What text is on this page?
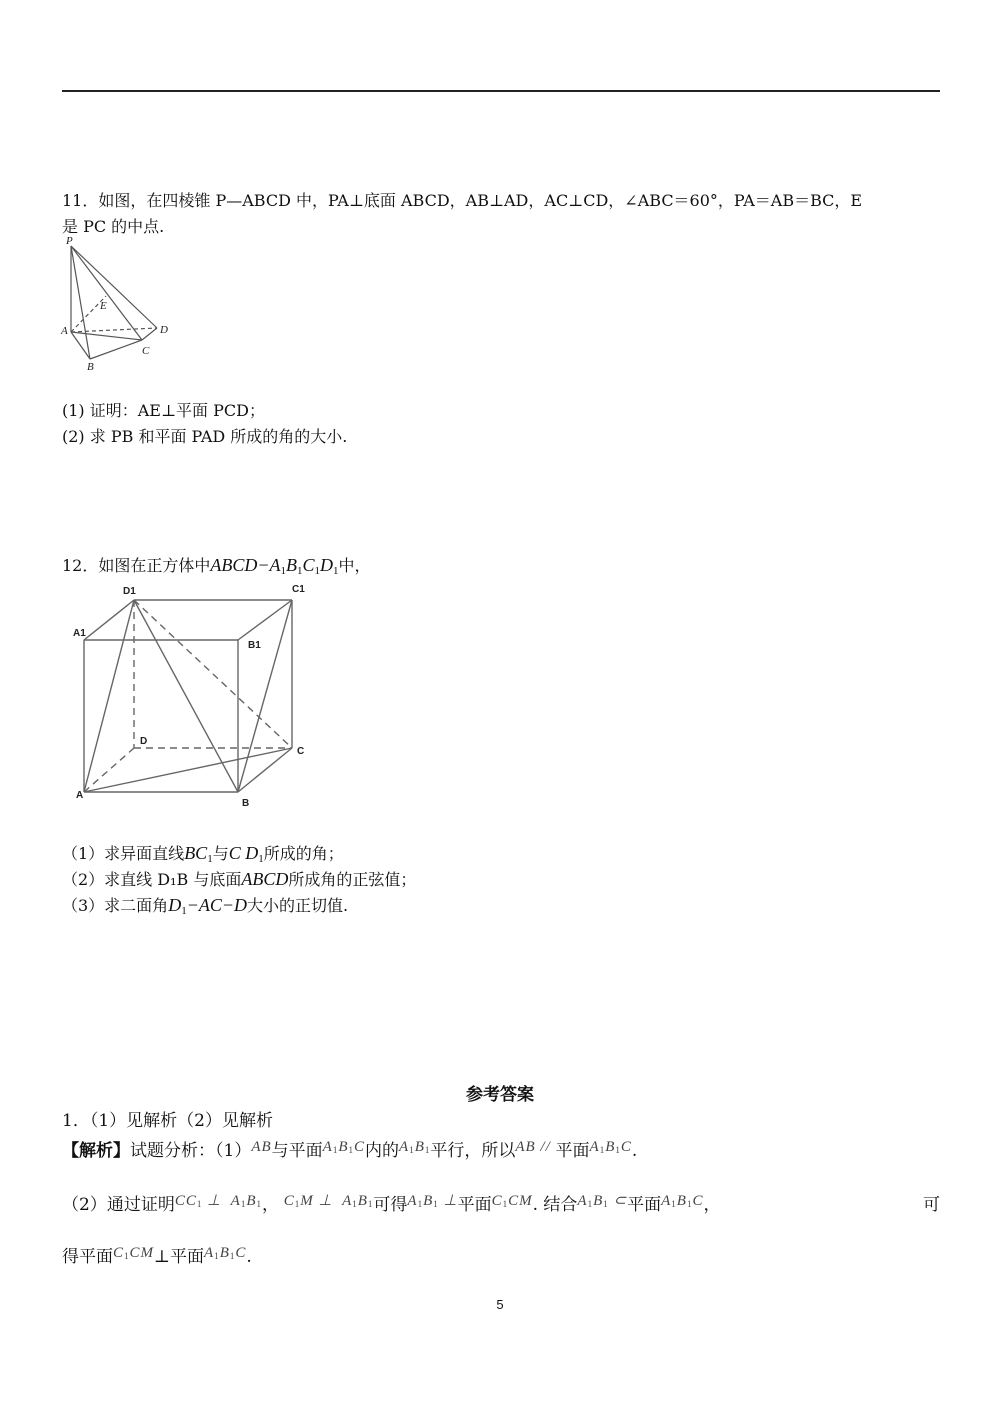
11．如图，在四棱锥 P—ABCD 中，PA⊥底面 ABCD，AB⊥AD，AC⊥CD，∠ABC＝60°，PA＝AB＝BC，E
是 PC 的中点.
P
E
A	D
C
B
(1) 证明：AE⊥平面 PCD；
(2) 求 PB 和平面 PAD 所成的角的大小.
12．如图在正方体中ABCD−A1B1C1D1中，
D1	C1
A1
B1
D
C
A
B
（1）求异面直线BC1与C D1所成的角；
（2）求直线 D₁B 与底面ABCD所成角的正弦值；
（3）求二面角D1−AC−D大小的正切值.
参考答案
1．（1）见解析（2）见解析
【解析】试题分析：（1）AB与平面A1B1C内的A1B1平行，所以AB // 平面A1B1C.
（2）通过证明CC1 ⊥  A1B1， C1M ⊥  A1B1可得A1B1 ⊥平面C1CM. 结合A1B1 ⊂平面A1B1C，	可
得平面C1CM⊥平面A1B1C.
5
